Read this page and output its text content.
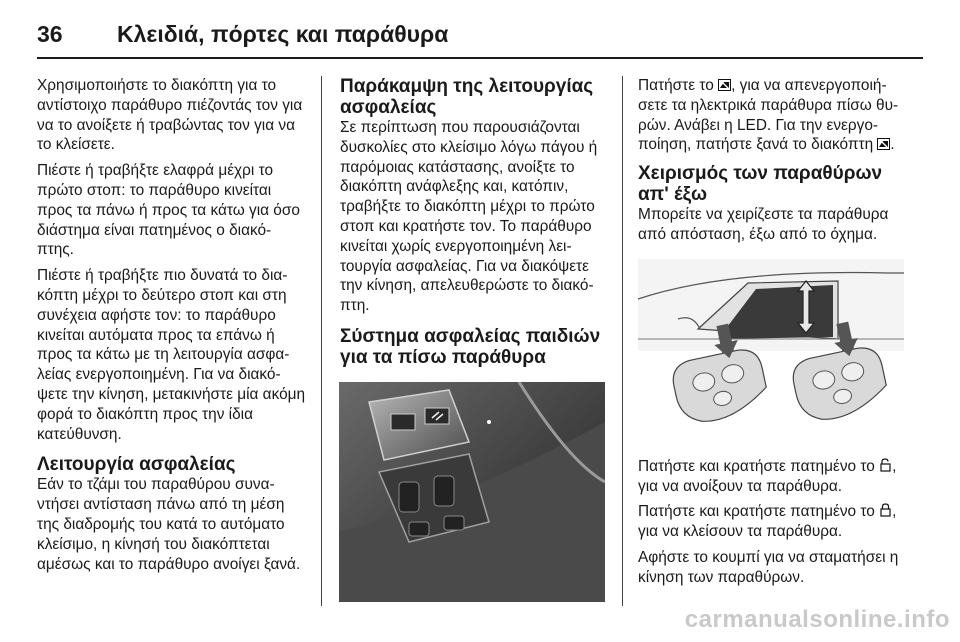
36	Κλειδιά, πόρτες και παράθυρα

Χρησιμοποιήστε το διακόπτη για το αντίστοιχο παράθυρο πιέζοντάς τον για να το ανοίξετε ή τραβώντας τον για να το κλείσετε.

Πιέστε ή τραβήξτε ελαφρά μέχρι το πρώτο στοπ: το παράθυρο κινείται προς τα πάνω ή προς τα κάτω για όσο διάστημα είναι πατημένος ο διακό- πτης.

Πιέστε ή τραβήξτε πιο δυνατά το δια- κόπτη μέχρι το δεύτερο στοπ και στη συνέχεια αφήστε τον: το παράθυρο κινείται αυτόματα προς τα επάνω ή προς τα κάτω με τη λειτουργία ασφα- λείας ενεργοποιημένη. Για να διακό- ψετε την κίνηση, μετακινήστε μία ακόμη φορά το διακόπτη προς την ίδια κατεύθυνση.

Λειτουργία ασφαλείας

Εάν το τζάμι του παραθύρου συνα- ντήσει αντίσταση πάνω από τη μέση της διαδρομής του κατά το αυτόματο κλείσιμο, η κίνησή του διακόπτεται αμέσως και το παράθυρο ανοίγει ξανά.

Παράκαμψη της λειτουργίας ασφαλείας

Σε περίπτωση που παρουσιάζονται δυσκολίες στο κλείσιμο λόγω πάγου ή παρόμοιας κατάστασης, ανοίξτε το διακόπτη ανάφλεξης και, κατόπιν, τραβήξτε το διακόπτη μέχρι το πρώτο στοπ και κρατήστε τον. Το παράθυρο κινείται χωρίς ενεργοποιημένη λει- τουργία ασφαλείας. Για να διακόψετε την κίνηση, απελευθερώστε το διακό- πτη.

Σύστημα ασφαλείας παιδιών για τα πίσω παράθυρα

Πατήστε το , για να απενεργοποιή- σετε τα ηλεκτρικά παράθυρα πίσω θυ- ρών. Ανάβει η LED. Για την ενεργο- ποίηση, πατήστε ξανά το διακόπτη .

Χειρισμός των παραθύρων απ' έξω

Μπορείτε να χειρίζεστε τα παράθυρα από απόσταση, έξω από το όχημα.

Πατήστε και κρατήστε πατημένο το , για να ανοίξουν τα παράθυρα.

Πατήστε και κρατήστε πατημένο το , για να κλείσουν τα παράθυρα.

Αφήστε το κουμπί για να σταματήσει η κίνηση των παραθύρων.

carmanualsonline.info
